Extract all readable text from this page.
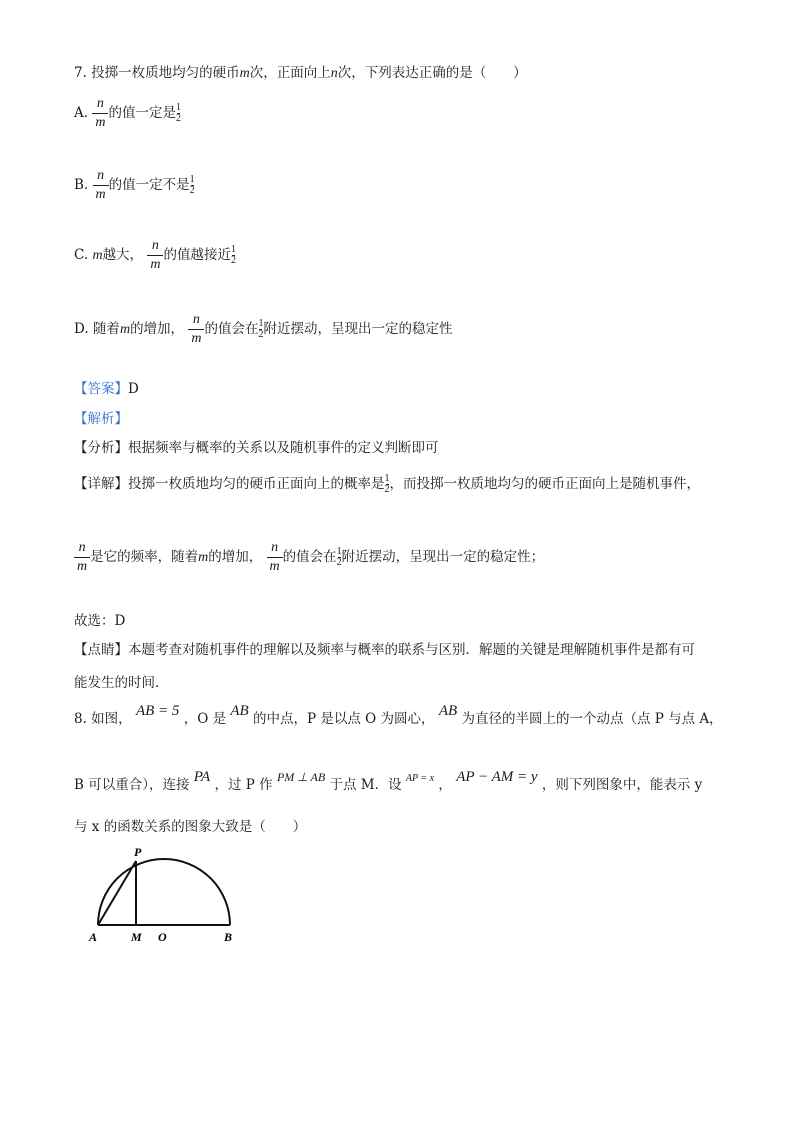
7. 投掷一枚质地均匀的硬币m次，正面向上n次，下列表达正确的是（　　）
A. $\frac{n}{m}$ 的值一定是$\frac{1}{2}$
B. $\frac{n}{m}$ 的值一定不是$\frac{1}{2}$
C. m越大， $\frac{n}{m}$ 的值越接近$\frac{1}{2}$
D. 随着m的增加， $\frac{n}{m}$ 的值会在$\frac{1}{2}$附近摆动，呈现出一定的稳定性
【答案】D
【解析】
【分析】根据频率与概率的关系以及随机事件的定义判断即可
【详解】投掷一枚质地均匀的硬币正面向上的概率是$\frac{1}{2}$，而投掷一枚质地均匀的硬币正面向上是随机事件，
$\frac{n}{m}$ 是它的频率，随着m的增加， $\frac{n}{m}$ 的值会在$\frac{1}{2}$附近摆动，呈现出一定的稳定性；
故选：D
【点睛】本题考查对随机事件的理解以及频率与概率的联系与区别．解题的关键是理解随机事件是都有可
能发生的时间．
8. 如图， AB = 5 ，O 是 AB 的中点，P 是以点 O 为圆心， AB 为直径的半圆上的一个动点（点 P 与点 A，
B 可以重合），连接 PA ，过 P 作 PM ⊥ AB 于点 M．设 $^{AP = x}$ ， AP − AM = y ，则下列图象中，能表示 y
与 x 的函数关系的图象大致是（　　）
P
A	M O	B
